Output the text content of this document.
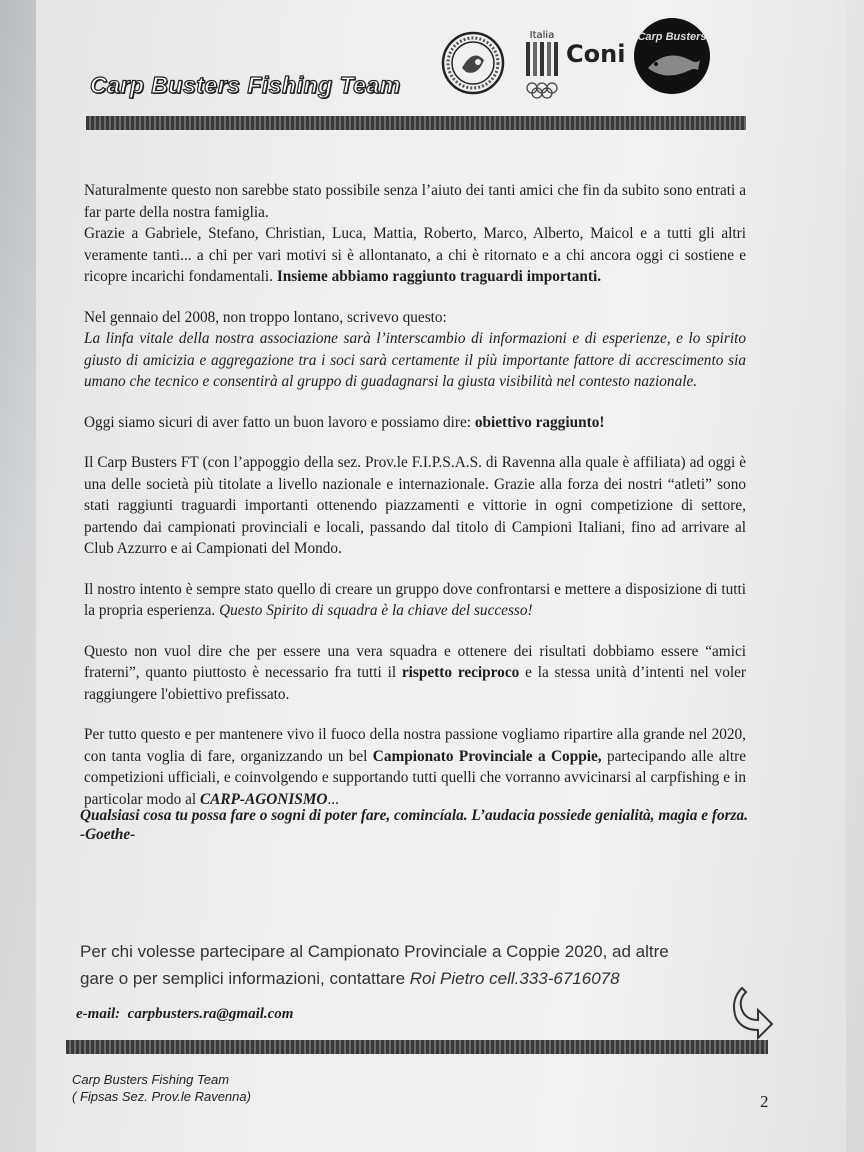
Carp Busters Fishing Team
Italia
Coni
Carp Busters

Naturalmente questo non sarebbe stato possibile senza l’aiuto dei tanti amici che fin da subito sono entrati a far parte della nostra famiglia.
Grazie a Gabriele, Stefano, Christian, Luca, Mattia, Roberto, Marco, Alberto, Maicol e a tutti gli altri veramente tanti... a chi per vari motivi si è allontanato, a chi è ritornato e a chi ancora oggi ci sostiene e ricopre incarichi fondamentali. Insieme abbiamo raggiunto traguardi importanti.

Nel gennaio del 2008, non troppo lontano, scrivevo questo:
La linfa vitale della nostra associazione sarà l’interscambio di informazioni e di esperienze, e lo spirito giusto di amicizia e aggregazione tra i soci sarà certamente il più importante fattore di accrescimento sia umano che tecnico e consentirà al gruppo di guadagnarsi la giusta visibilità nel contesto nazionale.

Oggi siamo sicuri di aver fatto un buon lavoro e possiamo dire: obiettivo raggiunto!

Il Carp Busters FT (con l’appoggio della sez. Prov.le F.I.P.S.A.S. di Ravenna alla quale è affiliata) ad oggi è una delle società più titolate a livello nazionale e internazionale. Grazie alla forza dei nostri “atleti” sono stati raggiunti traguardi importanti ottenendo piazzamenti e vittorie in ogni competizione di settore, partendo dai campionati provinciali e locali, passando dal titolo di Campioni Italiani, fino ad arrivare al Club Azzurro e ai Campionati del Mondo.

Il nostro intento è sempre stato quello di creare un gruppo dove confrontarsi e mettere a disposizione di tutti la propria esperienza. Questo Spirito di squadra è la chiave del successo!

Questo non vuol dire che per essere una vera squadra e ottenere dei risultati dobbiamo essere “amici fraterni”, quanto piuttosto è necessario fra tutti il rispetto reciproco e la stessa unità d’intenti nel voler raggiungere l'obiettivo prefissato.

Per tutto questo e per mantenere vivo il fuoco della nostra passione vogliamo ripartire alla grande nel 2020, con tanta voglia di fare, organizzando un bel Campionato Provinciale a Coppie, partecipando alle altre competizioni ufficiali, e coinvolgendo e supportando tutti quelli che vorranno avvicinarsi al carpfishing e in particolar modo al CARP-AGONISMO...

Qualsiasi cosa tu possa fare o sogni di poter fare, comincíala. L’audacia possiede genialità, magia e forza.
-Goethe-
Per chi volesse partecipare al Campionato Provinciale a Coppie 2020, ad altre
gare o per semplici informazioni, contattare Roi Pietro cell.333-6716078
e-mail: carpbusters.ra@gmail.com
Carp Busters Fishing Team
( Fipsas Sez. Prov.le Ravenna)	2
